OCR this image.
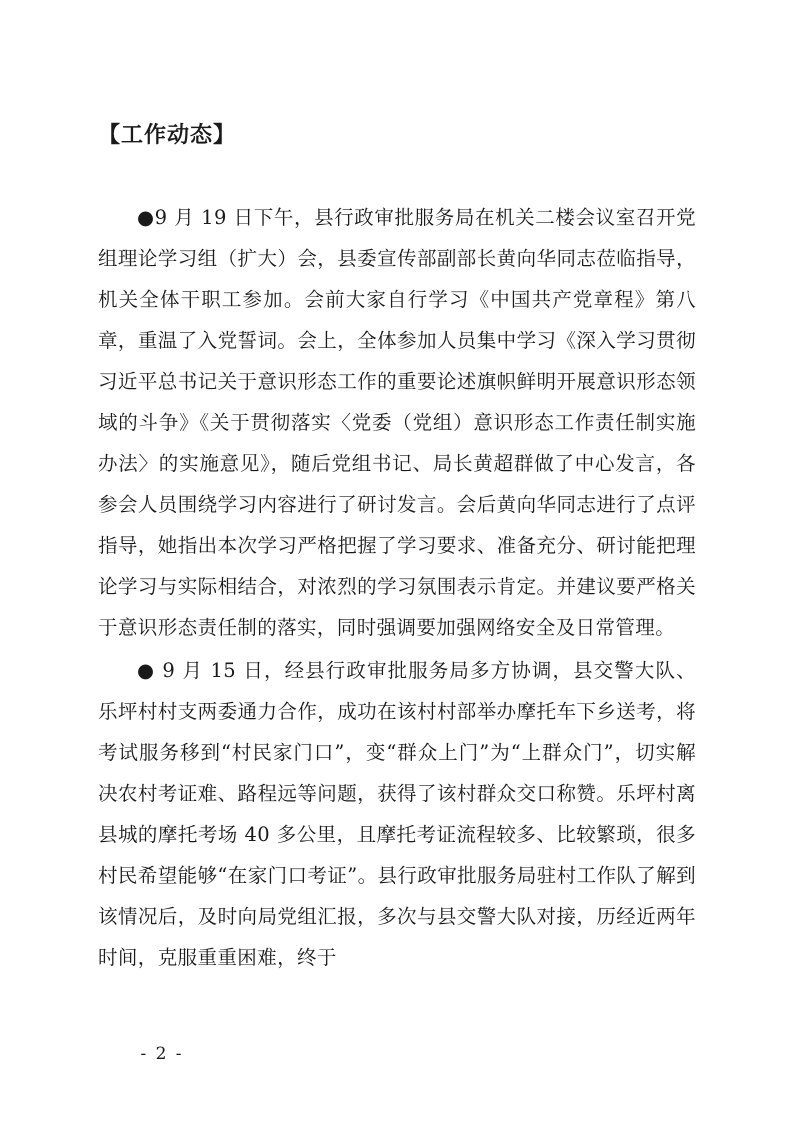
【工作动态】

●9 月 19 日下午，县行政审批服务局在机关二楼会议室召开党组理论学习组（扩大）会，县委宣传部副部长黄向华同志莅临指导，机关全体干职工参加。会前大家自行学习《中国共产党章程》第八章，重温了入党誓词。会上，全体参加人员集中学习《深入学习贯彻习近平总书记关于意识形态工作的重要论述旗帜鲜明开展意识形态领域的斗争》《关于贯彻落实〈党委（党组）意识形态工作责任制实施办法〉的实施意见》，随后党组书记、局长黄超群做了中心发言，各参会人员围绕学习内容进行了研讨发言。会后黄向华同志进行了点评指导，她指出本次学习严格把握了学习要求、准备充分、研讨能把理论学习与实际相结合，对浓烈的学习氛围表示肯定。并建议要严格关于意识形态责任制的落实，同时强调要加强网络安全及日常管理。

● 9 月 15 日，经县行政审批服务局多方协调，县交警大队、乐坪村村支两委通力合作，成功在该村村部举办摩托车下乡送考，将考试服务移到“村民家门口”，变“群众上门”为“上群众门”，切实解决农村考证难、路程远等问题，获得了该村群众交口称赞。乐坪村离县城的摩托考场 40 多公里，且摩托考证流程较多、比较繁琐，很多村民希望能够“在家门口考证”。县行政审批服务局驻村工作队了解到该情况后，及时向局党组汇报，多次与县交警大队对接，历经近两年时间，克服重重困难，终于

- 2 -
